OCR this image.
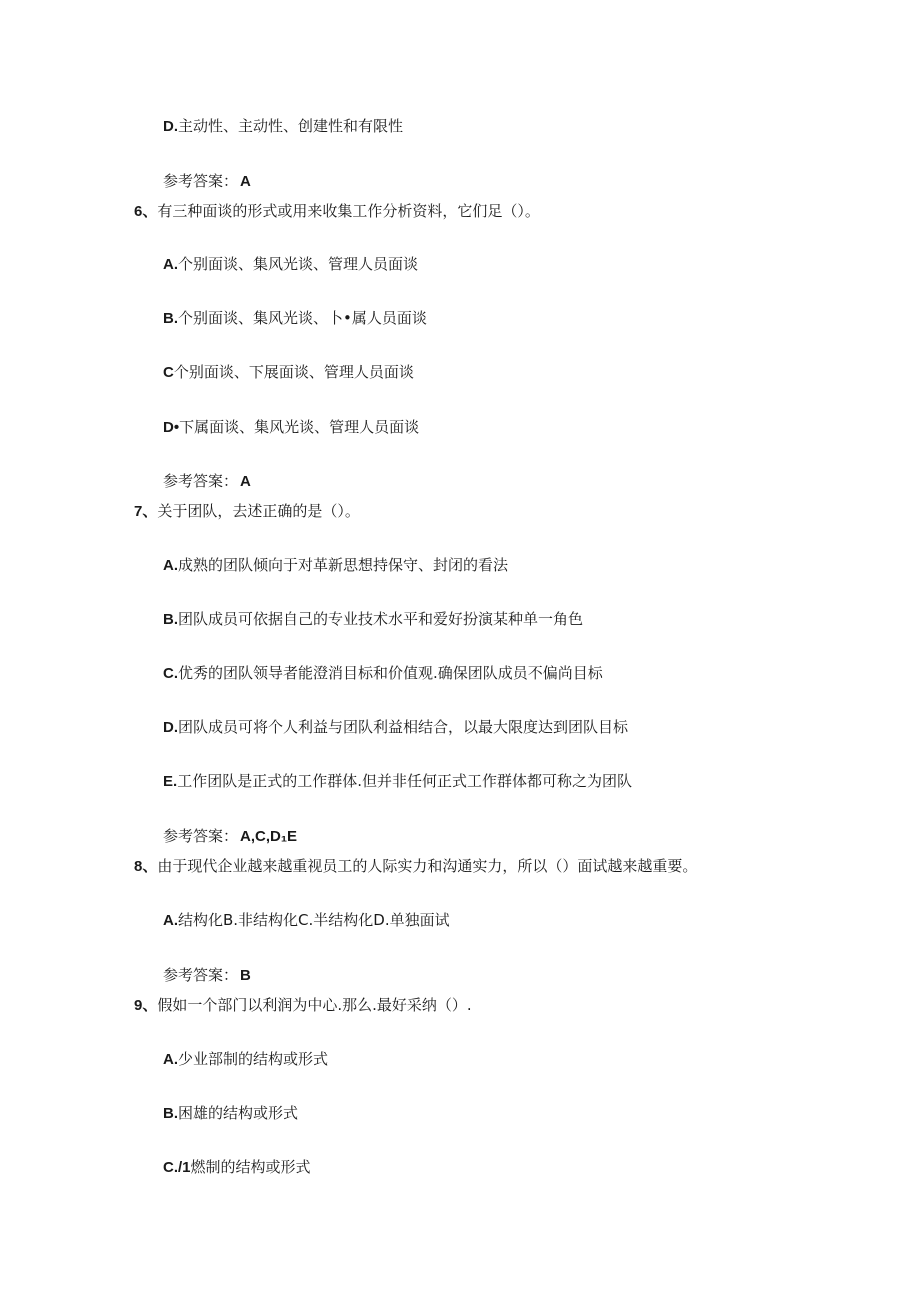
D.主动性、主动性、创建性和有限性
参考答案： A
6、有三种面谈的形式或用来收集工作分析资料，它们足（）。
A.个别面谈、集风光谈、管理人员面谈
B.个别面谈、集风光谈、卜•属人员面谈
C个别面谈、下展面谈、管理人员面谈
D•下属面谈、集风光谈、管理人员面谈
参考答案： A
7、关于团队，去述正确的是（）。
A.成熟的团队倾向于对革新思想持保守、封闭的看法
B.团队成员可依据自己的专业技术水平和爱好扮演某种单一角色
C.优秀的团队领导者能澄消目标和价值观.确保团队成员不偏尚目标
D.团队成员可将个人利益与团队利益相结合，以最大限度达到团队目标
E.工作团队是正式的工作群体.但并非任何正式工作群体都可称之为团队
参考答案： A,C,D₁E
8、由于现代企业越来越重视员工的人际实力和沟通实力，所以（）面试越来越重要。
A.结构化B.非结构化C.半结构化D.单独面试
参考答案： B
9、假如一个部门以利润为中心.那么.最好采纳（）.
A.少业部制的结构或形式
B.困雄的结构或形式
C./1燃制的结构或形式
